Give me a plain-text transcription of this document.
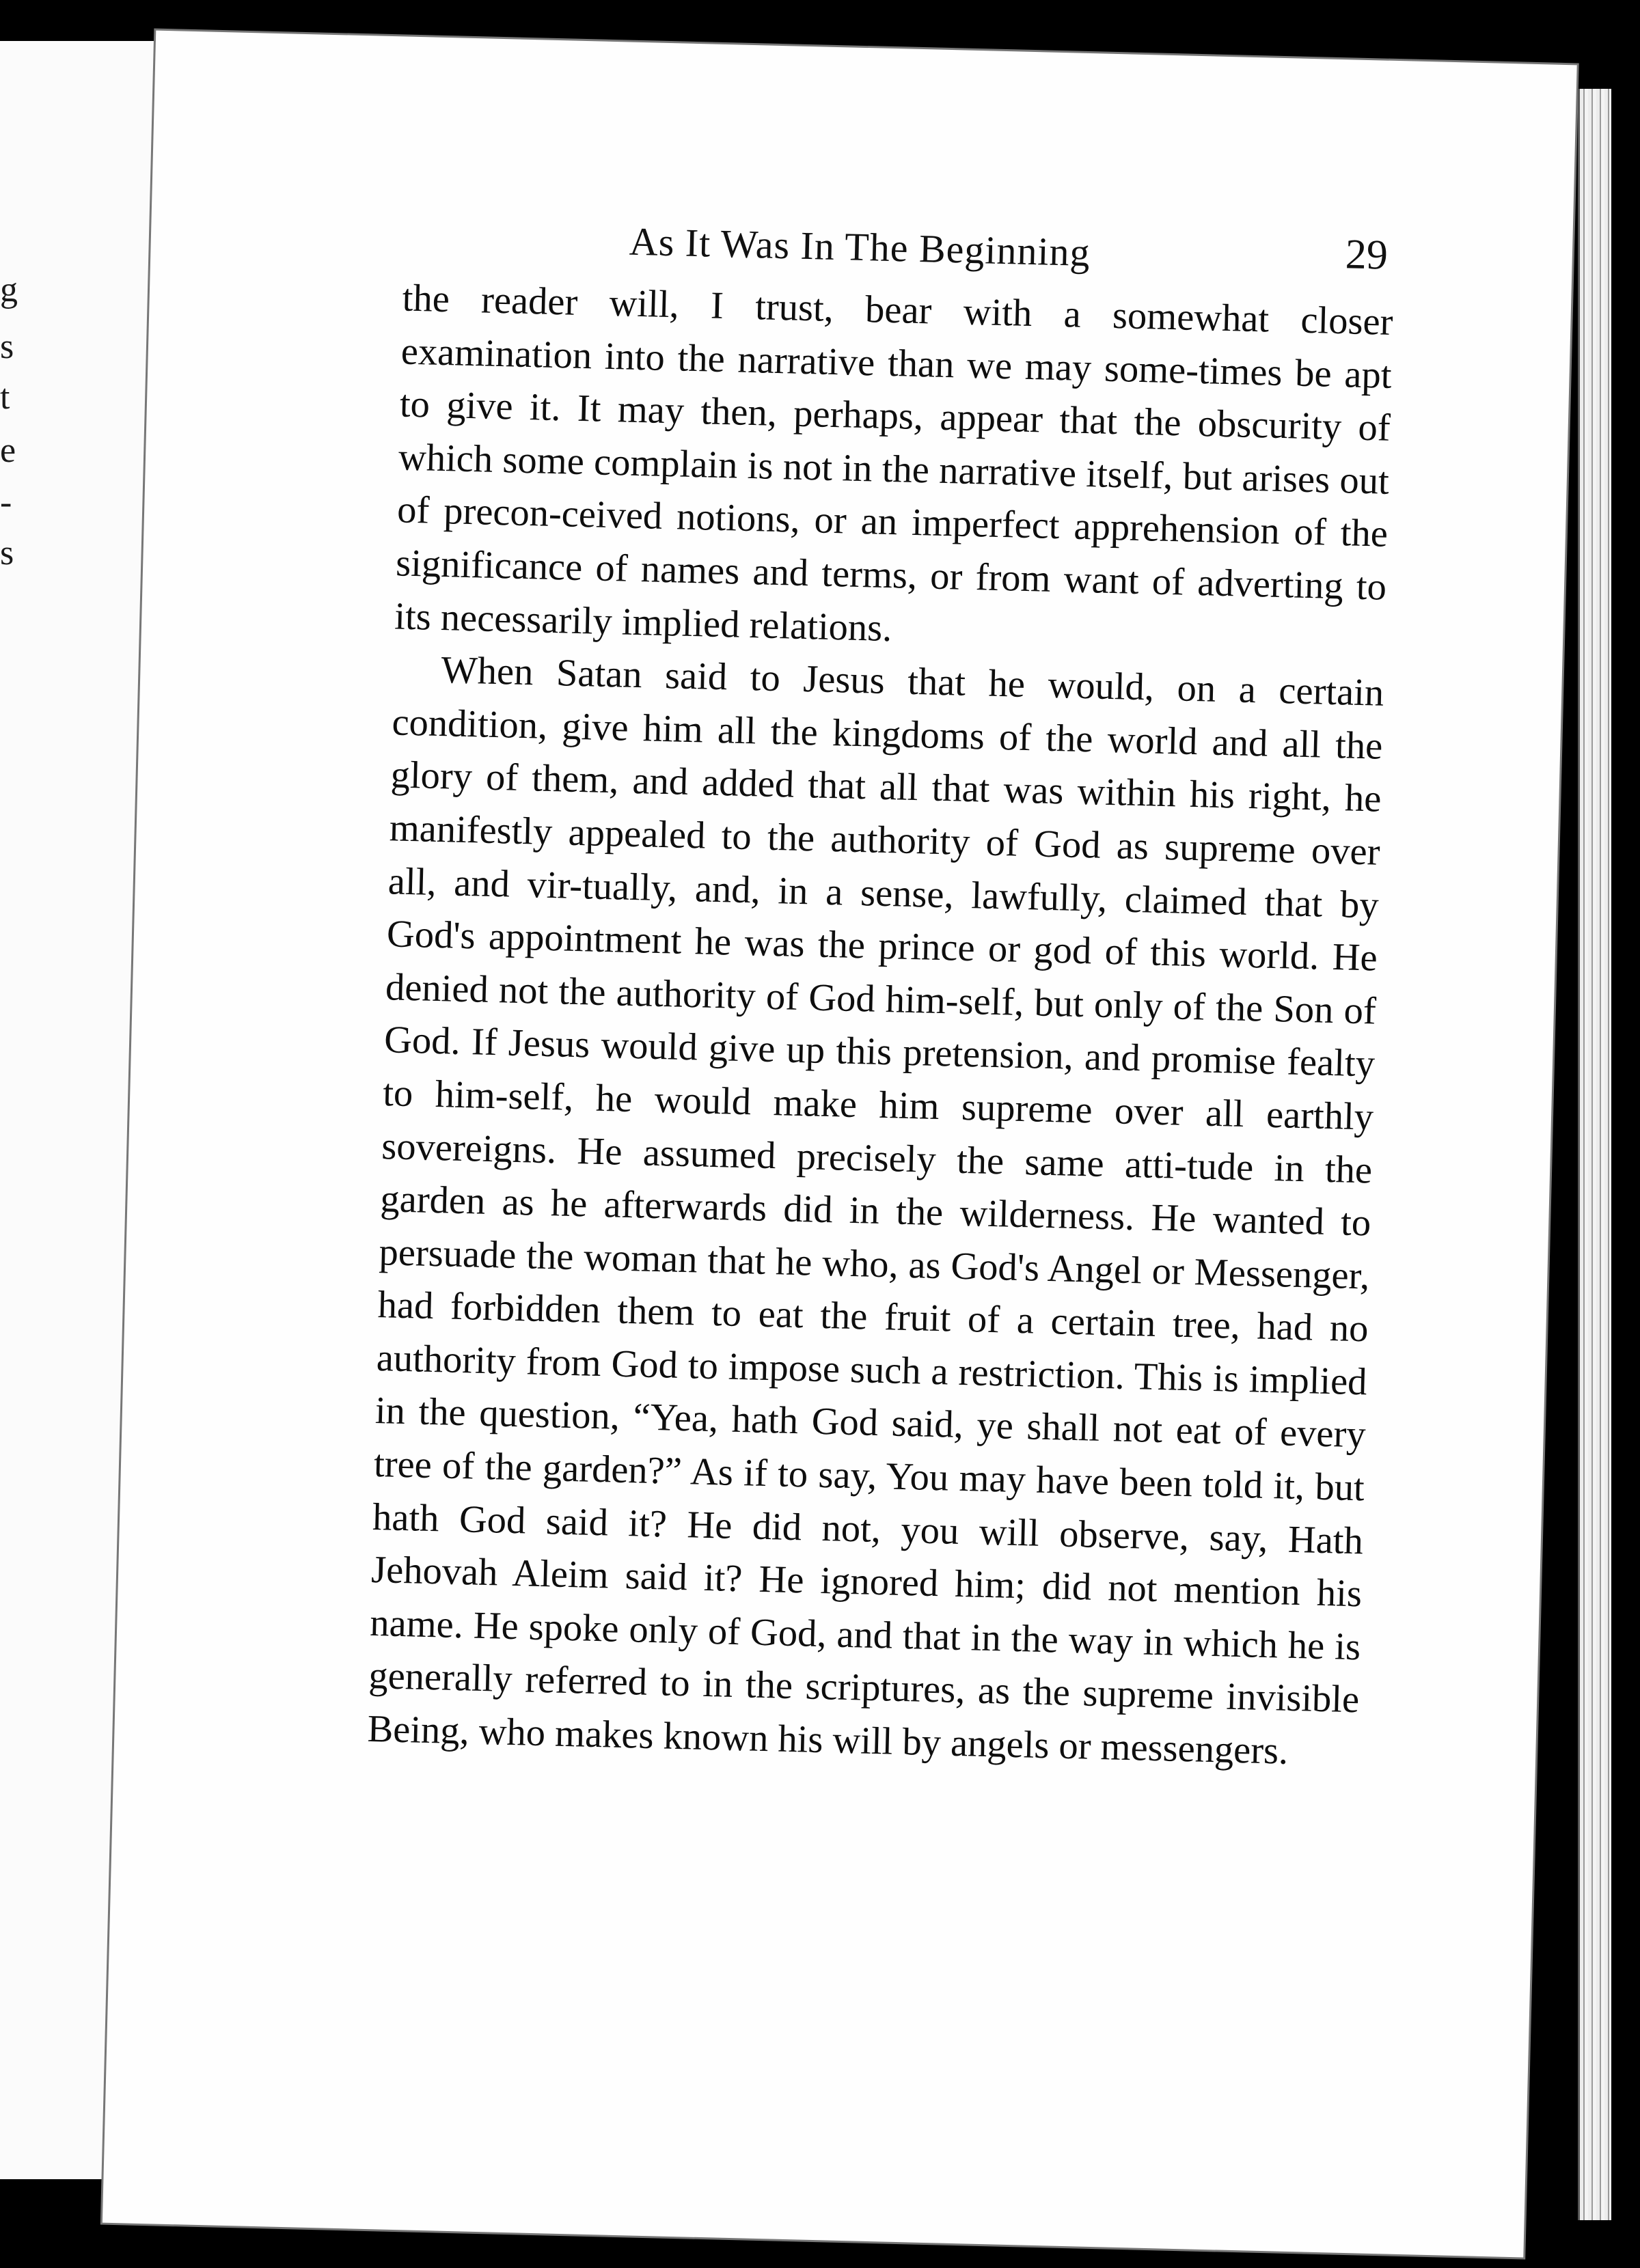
g
s
t
e
-
s
As It Was In The Beginning	29

the reader will, I trust, bear with a somewhat closer examination into the narrative than we may some-times be apt to give it. It may then, perhaps, appear that the obscurity of which some complain is not in the narrative itself, but arises out of precon-ceived notions, or an imperfect apprehension of the significance of names and terms, or from want of adverting to its necessarily implied relations.

When Satan said to Jesus that he would, on a certain condition, give him all the kingdoms of the world and all the glory of them, and added that all that was within his right, he manifestly appealed to the authority of God as supreme over all, and vir-tually, and, in a sense, lawfully, claimed that by God's appointment he was the prince or god of this world. He denied not the authority of God him-self, but only of the Son of God. If Jesus would give up this pretension, and promise fealty to him-self, he would make him supreme over all earthly sovereigns. He assumed precisely the same atti-tude in the garden as he afterwards did in the wilderness. He wanted to persuade the woman that he who, as God's Angel or Messenger, had forbidden them to eat the fruit of a certain tree, had no authority from God to impose such a restriction. This is implied in the question, “Yea, hath God said, ye shall not eat of every tree of the garden?” As if to say, You may have been told it, but hath God said it? He did not, you will observe, say, Hath Jehovah Aleim said it? He ignored him; did not mention his name. He spoke only of God, and that in the way in which he is generally referred to in the scriptures, as the supreme invisible Being, who makes known his will by angels or messengers.
